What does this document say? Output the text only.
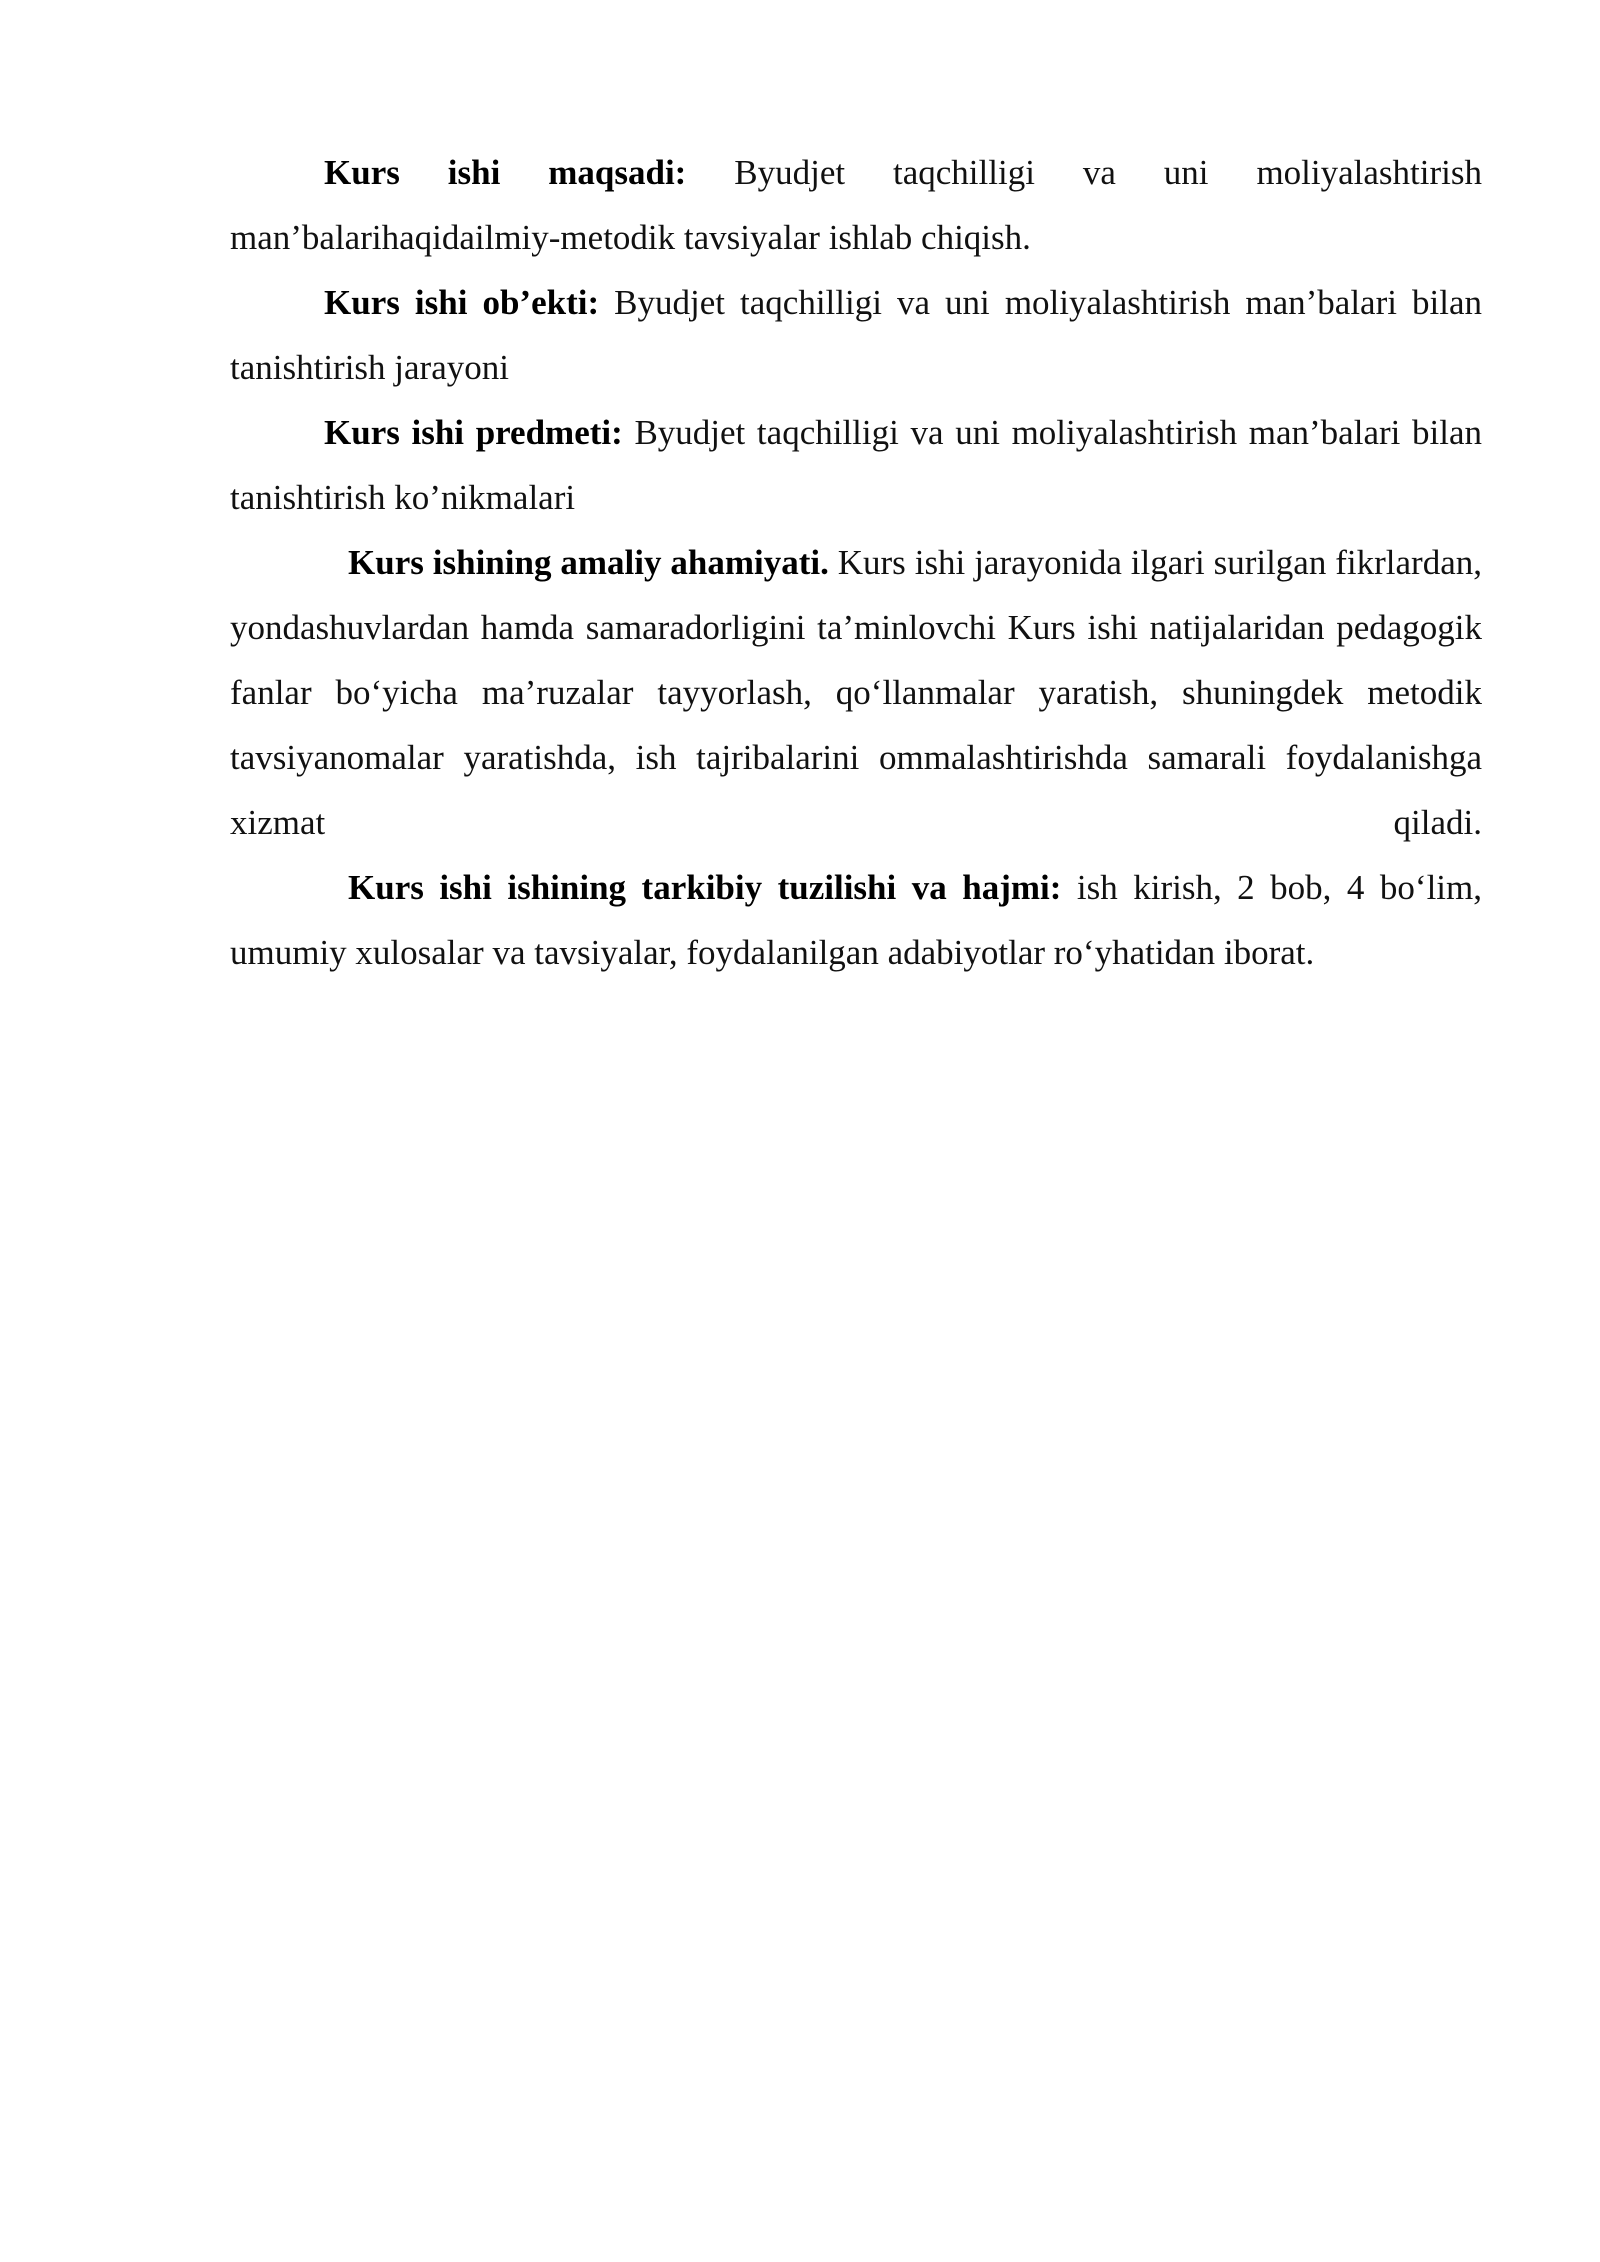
Kurs ishi maqsadi: Byudjet taqchilligi va uni moliyalashtirish man’balarihaqidailmiy-metodik tavsiyalar ishlab chiqish.

Kurs ishi ob’ekti: Byudjet taqchilligi va uni moliyalashtirish man’balari bilan tanishtirish jarayoni

Kurs ishi predmeti: Byudjet taqchilligi va uni moliyalashtirish man’balari bilan tanishtirish ko’nikmalari

Kurs ishining amaliy ahamiyati. Kurs ishi jarayonida ilgari surilgan fikrlardan, yondashuvlardan hamda samaradorligini ta’minlovchi Kurs ishi natijalaridan pedagogik fanlar bo‘yicha ma’ruzalar tayyorlash, qo‘llanmalar yaratish, shuningdek metodik tavsiyanomalar yaratishda, ish tajribalarini ommalashtirishda samarali foydalanishga xizmat qiladi.

Kurs ishi ishining tarkibiy tuzilishi va hajmi: ish kirish, 2 bob, 4 bo‘lim, umumiy xulosalar va tavsiyalar, foydalanilgan adabiyotlar ro‘yhatidan iborat.
